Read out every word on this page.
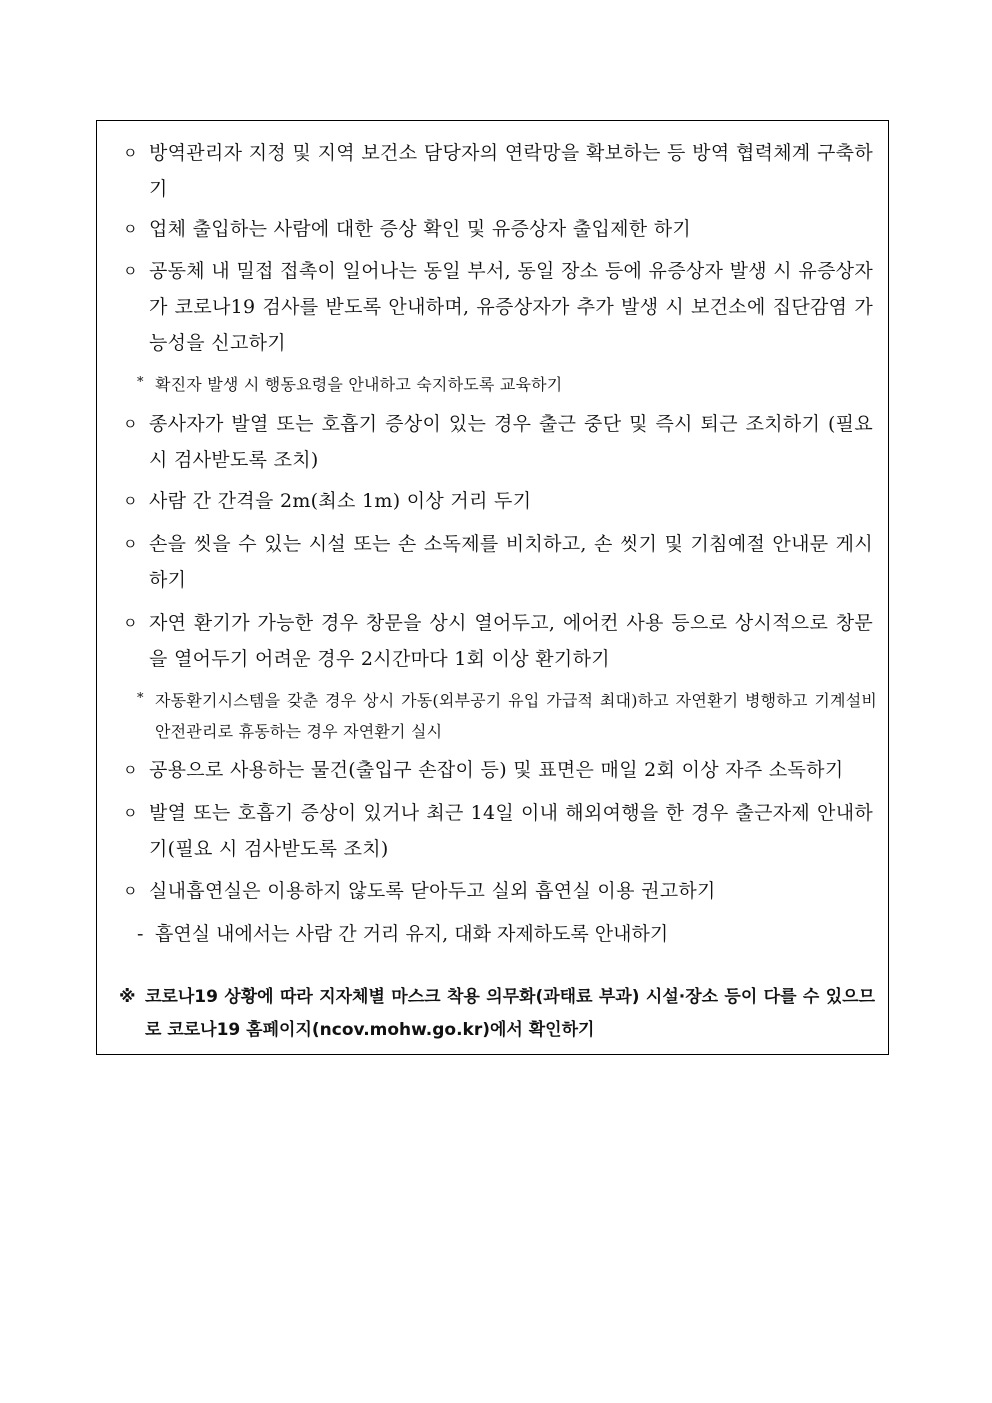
ㅇ 방역관리자 지정 및 지역 보건소 담당자의 연락망을 확보하는 등 방역 협력체계 구축하기
ㅇ 업체 출입하는 사람에 대한 증상 확인 및 유증상자 출입제한 하기
ㅇ 공동체 내 밀접 접촉이 일어나는 동일 부서, 동일 장소 등에 유증상자 발생 시 유증상자가 코로나19 검사를 받도록 안내하며, 유증상자가 추가 발생 시 보건소에 집단감염 가능성을 신고하기
* 확진자 발생 시 행동요령을 안내하고 숙지하도록 교육하기
ㅇ 종사자가 발열 또는 호흡기 증상이 있는 경우 출근 중단 및 즉시 퇴근 조치하기 (필요 시 검사받도록 조치)
ㅇ 사람 간 간격을 2m(최소 1m) 이상 거리 두기
ㅇ 손을 씻을 수 있는 시설 또는 손 소독제를 비치하고, 손 씻기 및 기침예절 안내문 게시하기
ㅇ 자연 환기가 가능한 경우 창문을 상시 열어두고, 에어컨 사용 등으로 상시적으로 창문을 열어두기 어려운 경우 2시간마다 1회 이상 환기하기
* 자동환기시스템을 갖춘 경우 상시 가동(외부공기 유입 가급적 최대)하고 자연환기 병행하고 기계설비 안전관리로 휴동하는 경우 자연환기 실시
ㅇ 공용으로 사용하는 물건(출입구 손잡이 등) 및 표면은 매일 2회 이상 자주 소독하기
ㅇ 발열 또는 호흡기 증상이 있거나 최근 14일 이내 해외여행을 한 경우 출근자제 안내하기(필요 시 검사받도록 조치)
ㅇ 실내흡연실은 이용하지 않도록 닫아두고 실외 흡연실 이용 권고하기
- 흡연실 내에서는 사람 간 거리 유지, 대화 자제하도록 안내하기
※ 코로나19 상황에 따라 지자체별 마스크 착용 의무화(과태료 부과) 시설·장소 등이 다를 수 있으므로 코로나19 홈페이지(ncov.mohw.go.kr)에서 확인하기
